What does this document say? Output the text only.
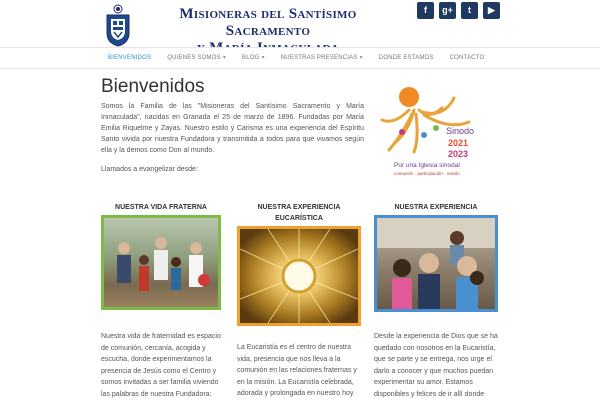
Misioneras del Santísimo Sacramento
f	g+	t	▶
BIENVENIDOS	QUIENES SOMOS ▾	BLOG ▾	NUESTRAS PRESENCIAS ▾	DONDE ESTAMOS	CONTACTO
Bienvenidos

Somos la Familia de las "Misioneras del Santísimo Sacramento y María Inmaculada", nacidas en Granada el 25 de marzo de 1896. Fundadas por María Emilia Riquelme y Zayas. Nuestro estilo y Carisma es una experiencia del Espíritu Santo vivida por nuestra Fundadora y transmitida a todos para que vivamos según ella y la demos como Don al mundo.

Llamados a evangelizar desde:

Sinodo
2021
2023
Por una Iglesia sinodal
comunión · participación · misión
NUESTRA VIDA FRATERNA

Nuestra vida de fraternidad es espacio de comunión, cercanía, acogida y escucha, donde experimentamos la presencia de Jesús como el Centro y somos invitadas a ser familia viviendo las palabras de nuestra Fundadora:

NUESTRA EXPERIENCIA EUCARÍSTICA

La Eucaristía es el centro de nuestra vida, presencia que nos lleva a la comunión en las relaciones fraternas y en la misión. La Eucaristía celebrada, adorada y prolongada en nuestro hoy.

NUESTRA EXPERIENCIA

Desde la experiencia de Dios que se ha quedado con nosotros en la Eucaristía, que se parte y se entrega, nos urge el darlo a conocer y que muchos puedan experimentar su amor. Estamos disponibles y felices de ir allí donde
